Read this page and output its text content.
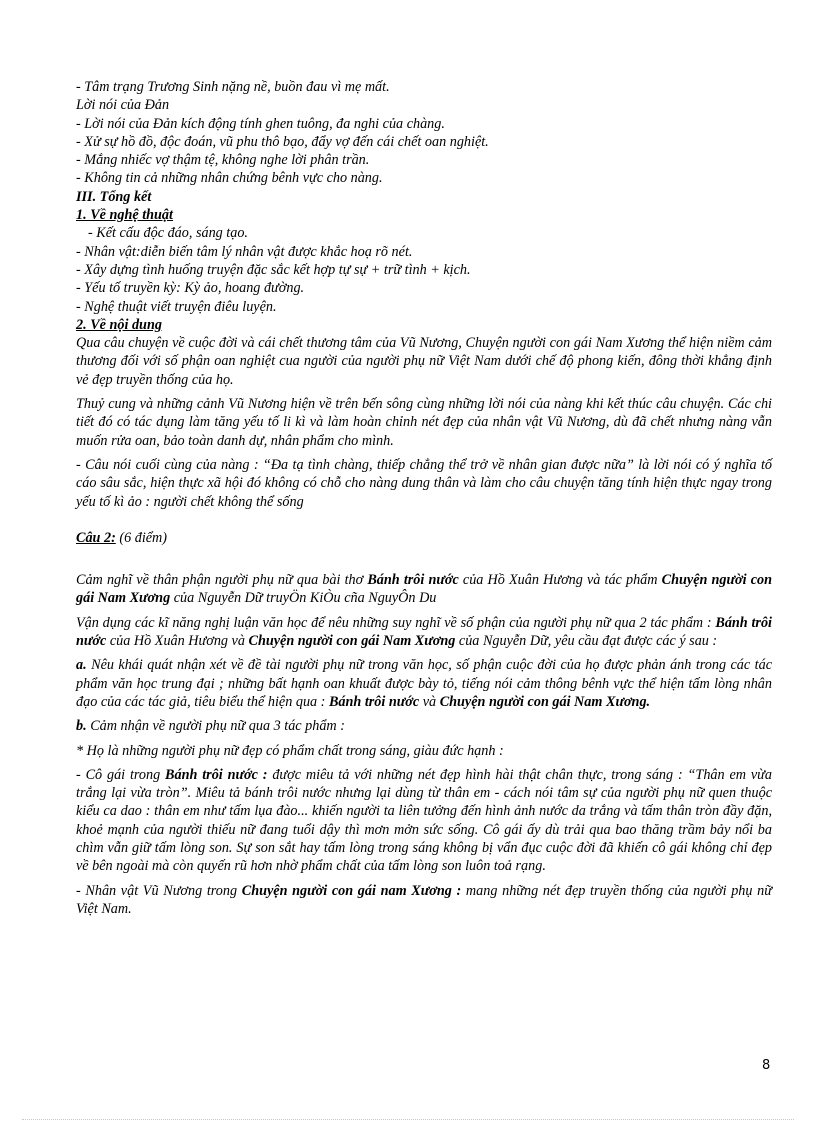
- Tâm trạng Trương Sinh nặng nề, buồn đau vì mẹ mất.

Lời nói của Đản

- Lời nói của Đản kích động tính ghen tuông, đa nghi của chàng.

- Xử sự hồ đồ, độc đoán, vũ phu thô bạo, đẩy vợ đến cái chết oan nghiệt.

- Mắng nhiếc vợ thậm tệ, không nghe lời phân trần.

- Không tin cả những nhân chứng bênh vực cho nàng.

III. Tổng kết

1. Về nghệ thuật

- Kết cấu độc đáo, sáng tạo.

- Nhân vật:diễn biến tâm lý nhân vật được khắc hoạ rõ nét.

- Xây dựng tình huống truyện đặc sắc kết hợp tự sự + trữ tình + kịch.

- Yếu tố truyền kỳ: Kỳ ảo, hoang đường.

- Nghệ thuật viết truyện điêu luyện.

2. Về nội dung

Qua câu chuyện về cuộc đời và cái chết thương tâm của Vũ Nương, Chuyện người con gái Nam Xương thể hiện niềm cảm thương đối với số phận oan nghiệt cua người của người phụ nữ Việt Nam dưới chế độ phong kiến, đông thời khẳng định vẻ đẹp truyền thống của họ.

Thuỷ cung và những cảnh Vũ Nương hiện về trên bến sông cùng những lời nói của nàng khi kết thúc câu chuyện. Các chi tiết đó có tác dụng làm tăng yếu tố li kì và làm hoàn chỉnh nét đẹp của nhân vật Vũ Nương, dù đã chết nhưng nàng vẫn muốn rửa oan, bảo toàn danh dự, nhân phẩm cho mình.

- Câu nói cuối cùng của nàng : “Đa tạ tình chàng, thiếp chẳng thể trở về nhân gian được nữa” là lời nói có ý nghĩa tố cáo sâu sắc, hiện thực xã hội đó không có chỗ cho nàng dung thân và làm cho câu chuyện tăng tính hiện thực ngay trong yếu tố kì ảo : người chết không thể sống

Câu 2: (6 điểm)

Cảm nghĩ về thân phận người phụ nữ qua bài thơ Bánh trôi nước của Hồ Xuân Hương và tác phẩm Chuyện người con gái Nam Xương của Nguyễn Dữ truyÖn KiÒu cña NguyÔn Du

Vận dụng các kĩ năng nghị luận văn học để nêu những suy nghĩ về số phận của người phụ nữ qua 2 tác phẩm : Bánh trôi nước của Hồ Xuân Hương và Chuyện người con gái Nam Xương của Nguyễn Dữ, yêu cầu đạt được các ý sau :

a. Nêu khái quát nhận xét về đề tài người phụ nữ trong văn học, số phận cuộc đời của họ được phản ánh trong các tác phẩm văn học trung đại ; những bất hạnh oan khuất được bày tỏ, tiếng nói cảm thông bênh vực thể hiện tấm lòng nhân đạo của các tác giả, tiêu biểu thể hiện qua : Bánh trôi nước và Chuyện người con gái Nam Xương.

b. Cảm nhận về người phụ nữ qua 3 tác phẩm :

* Họ là những người phụ nữ đẹp có phẩm chất trong sáng, giàu đức hạnh :

- Cô gái trong Bánh trôi nước : được miêu tả với những nét đẹp hình hài thật chân thực, trong sáng : “Thân em vừa trắng lại vừa tròn”. Miêu tả bánh trôi nước nhưng lại dùng từ thân em - cách nói tâm sự của người phụ nữ quen thuộc kiểu ca dao : thân em như tấm lụa đào... khiến người ta liên tưởng đến hình ảnh nước da trắng và tấm thân tròn đầy đặn, khoẻ mạnh của người thiếu nữ đang tuổi dậy thì mơn mởn sức sống. Cô gái ấy dù trải qua bao thăng trầm bảy nổi ba chìm vẫn giữ tấm lòng son. Sự son sắt hay tấm lòng trong sáng không bị vẩn đục cuộc đời đã khiến cô gái không chỉ đẹp về bên ngoài mà còn quyến rũ hơn nhờ phẩm chất của tấm lòng son luôn toả rạng.

- Nhân vật Vũ Nương trong Chuyện người con gái nam Xương : mang những nét đẹp truyền thống của người phụ nữ Việt Nam.

8
